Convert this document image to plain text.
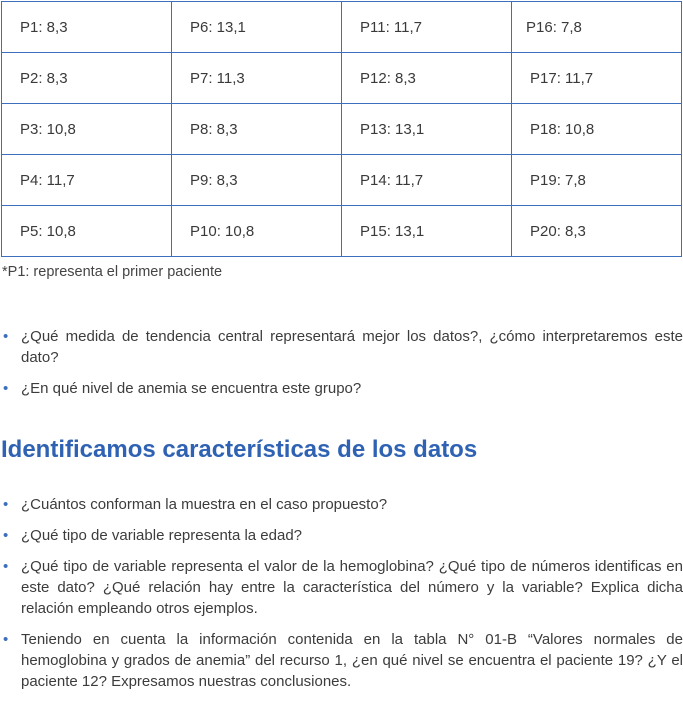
P1: 8,3	P6: 13,1	P11: 11,7	P16: 7,8
P2: 8,3	P7: 11,3	P12: 8,3	P17: 11,7
P3: 10,8	P8: 8,3	P13: 13,1	P18: 10,8
P4: 11,7	P9: 8,3	P14: 11,7	P19: 7,8
P5: 10,8	P10: 10,8	P15: 13,1	P20: 8,3
*P1: representa el primer paciente
• ¿Qué medida de tendencia central representará mejor los datos?, ¿cómo interpretaremos este dato?
• ¿En qué nivel de anemia se encuentra este grupo?
Identificamos características de los datos
• ¿Cuántos conforman la muestra en el caso propuesto?
• ¿Qué tipo de variable representa la edad?
• ¿Qué tipo de variable representa el valor de la hemoglobina? ¿Qué tipo de números identificas en este dato? ¿Qué relación hay entre la característica del número y la variable? Explica dicha relación empleando otros ejemplos.
• Teniendo en cuenta la información contenida en la tabla N° 01-B “Valores normales de hemoglobina y grados de anemia” del recurso 1, ¿en qué nivel se encuentra el paciente 19? ¿Y el paciente 12? Expresamos nuestras conclusiones.
